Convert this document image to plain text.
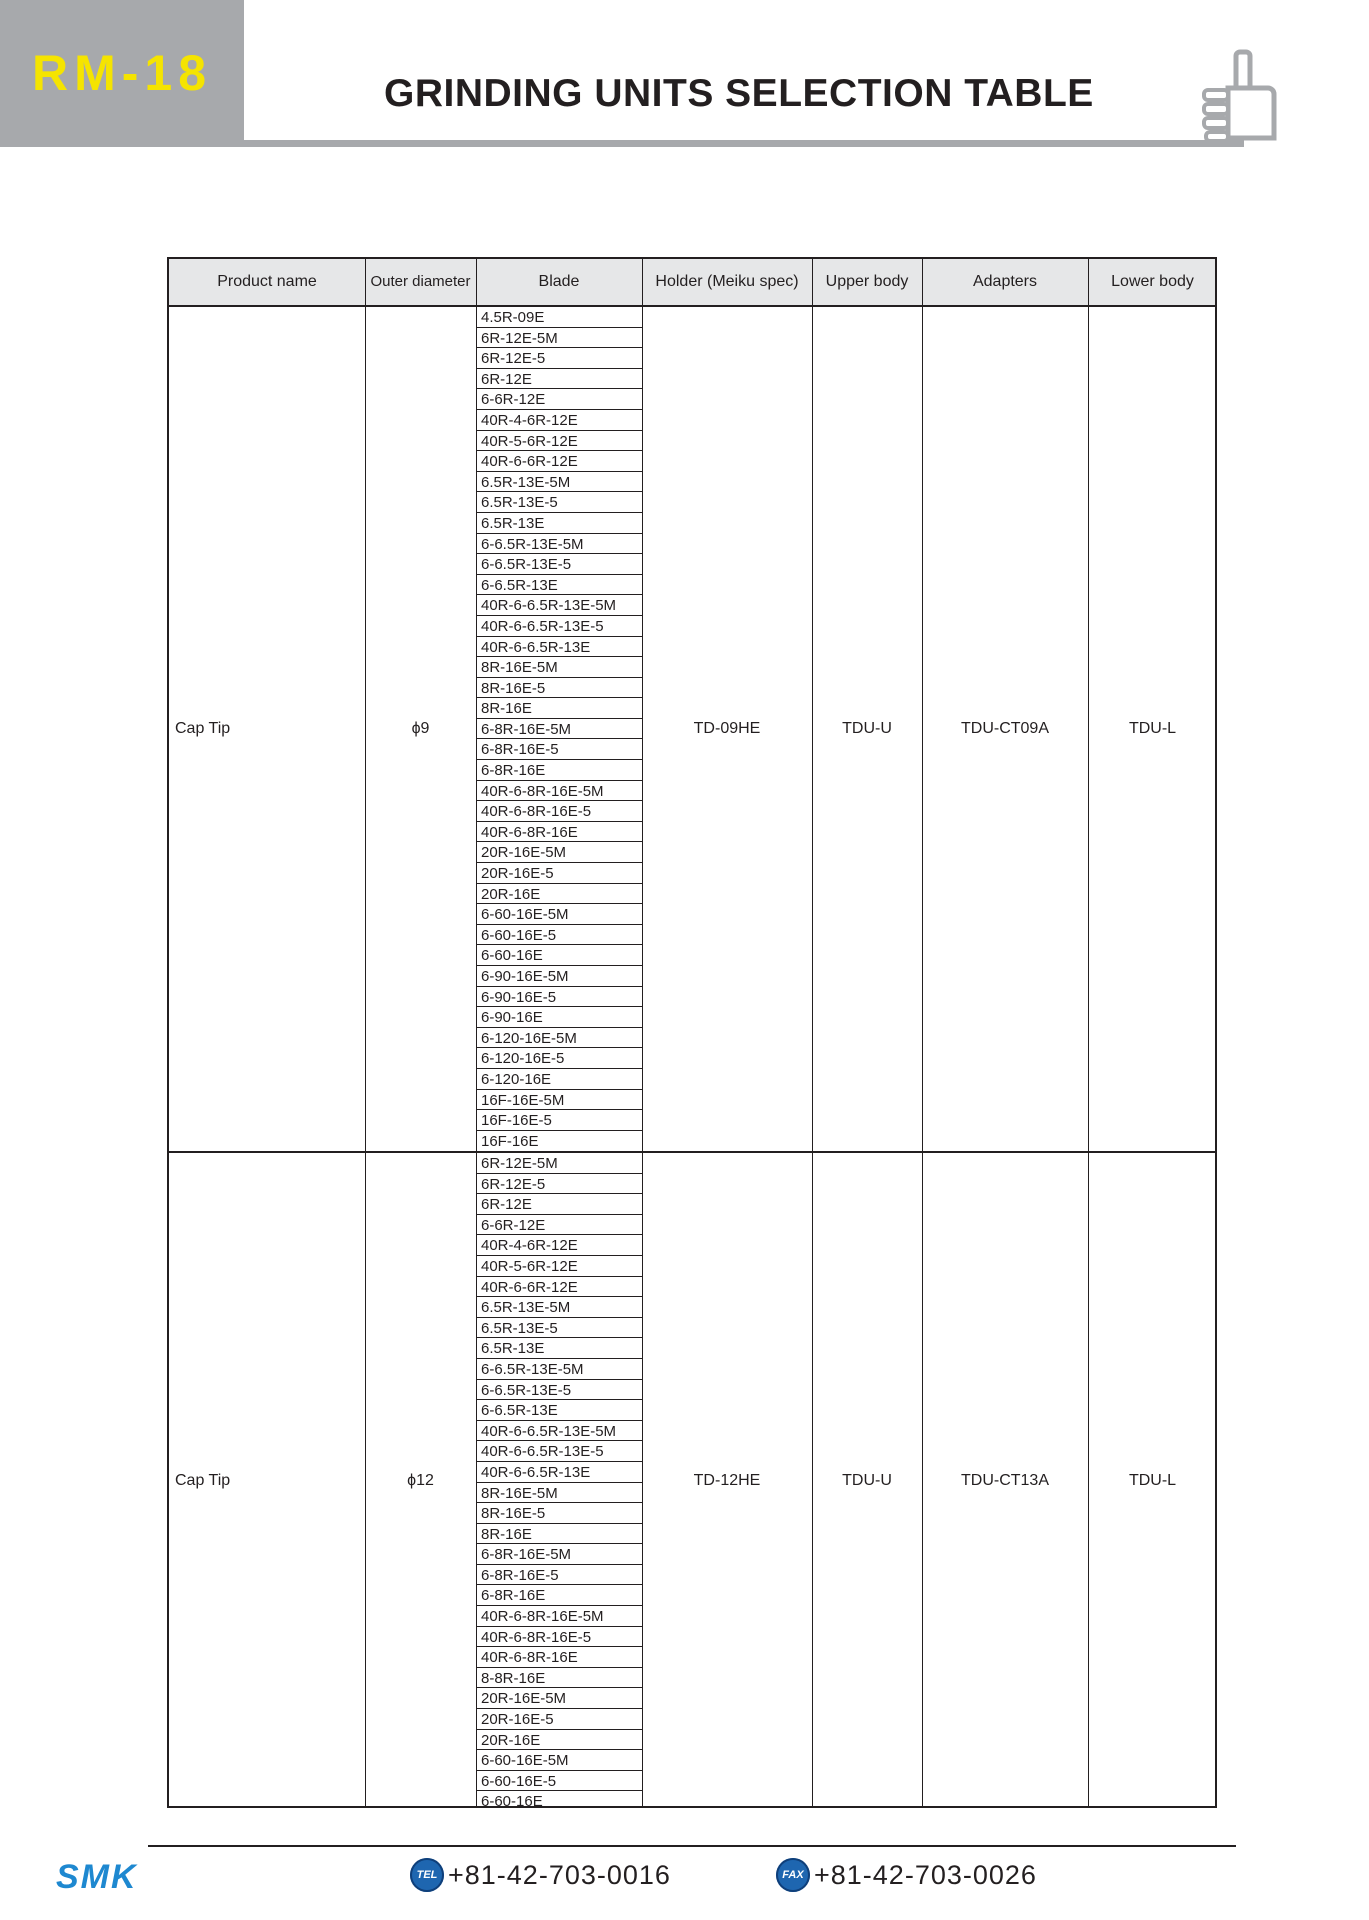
RM-18	GRINDING UNITS SELECTION TABLE
Product name	Outer diameter	Blade	Holder (Meiku spec)	Upper body	Adapters	Lower body
Cap Tip	ϕ9
4.5R-09E
6R-12E-5M
6R-12E-5
6R-12E
6-6R-12E
40R-4-6R-12E
40R-5-6R-12E
40R-6-6R-12E
6.5R-13E-5M
6.5R-13E-5
6.5R-13E
6-6.5R-13E-5M
6-6.5R-13E-5
6-6.5R-13E
40R-6-6.5R-13E-5M
40R-6-6.5R-13E-5
40R-6-6.5R-13E
8R-16E-5M
8R-16E-5
8R-16E
6-8R-16E-5M
6-8R-16E-5
6-8R-16E
40R-6-8R-16E-5M
40R-6-8R-16E-5
40R-6-8R-16E
20R-16E-5M
20R-16E-5
20R-16E
6-60-16E-5M
6-60-16E-5
6-60-16E
6-90-16E-5M
6-90-16E-5
6-90-16E
6-120-16E-5M
6-120-16E-5
6-120-16E
16F-16E-5M
16F-16E-5
16F-16E
TD-09HE	TDU-U	TDU-CT09A	TDU-L
Cap Tip	ϕ12
6R-12E-5M
6R-12E-5
6R-12E
6-6R-12E
40R-4-6R-12E
40R-5-6R-12E
40R-6-6R-12E
6.5R-13E-5M
6.5R-13E-5
6.5R-13E
6-6.5R-13E-5M
6-6.5R-13E-5
6-6.5R-13E
40R-6-6.5R-13E-5M
40R-6-6.5R-13E-5
40R-6-6.5R-13E
8R-16E-5M
8R-16E-5
8R-16E
6-8R-16E-5M
6-8R-16E-5
6-8R-16E
40R-6-8R-16E-5M
40R-6-8R-16E-5
40R-6-8R-16E
8-8R-16E
20R-16E-5M
20R-16E-5
20R-16E
6-60-16E-5M
6-60-16E-5
6-60-16E
TD-12HE	TDU-U	TDU-CT13A	TDU-L
SMK	TEL +81-42-703-0016	FAX +81-42-703-0026
